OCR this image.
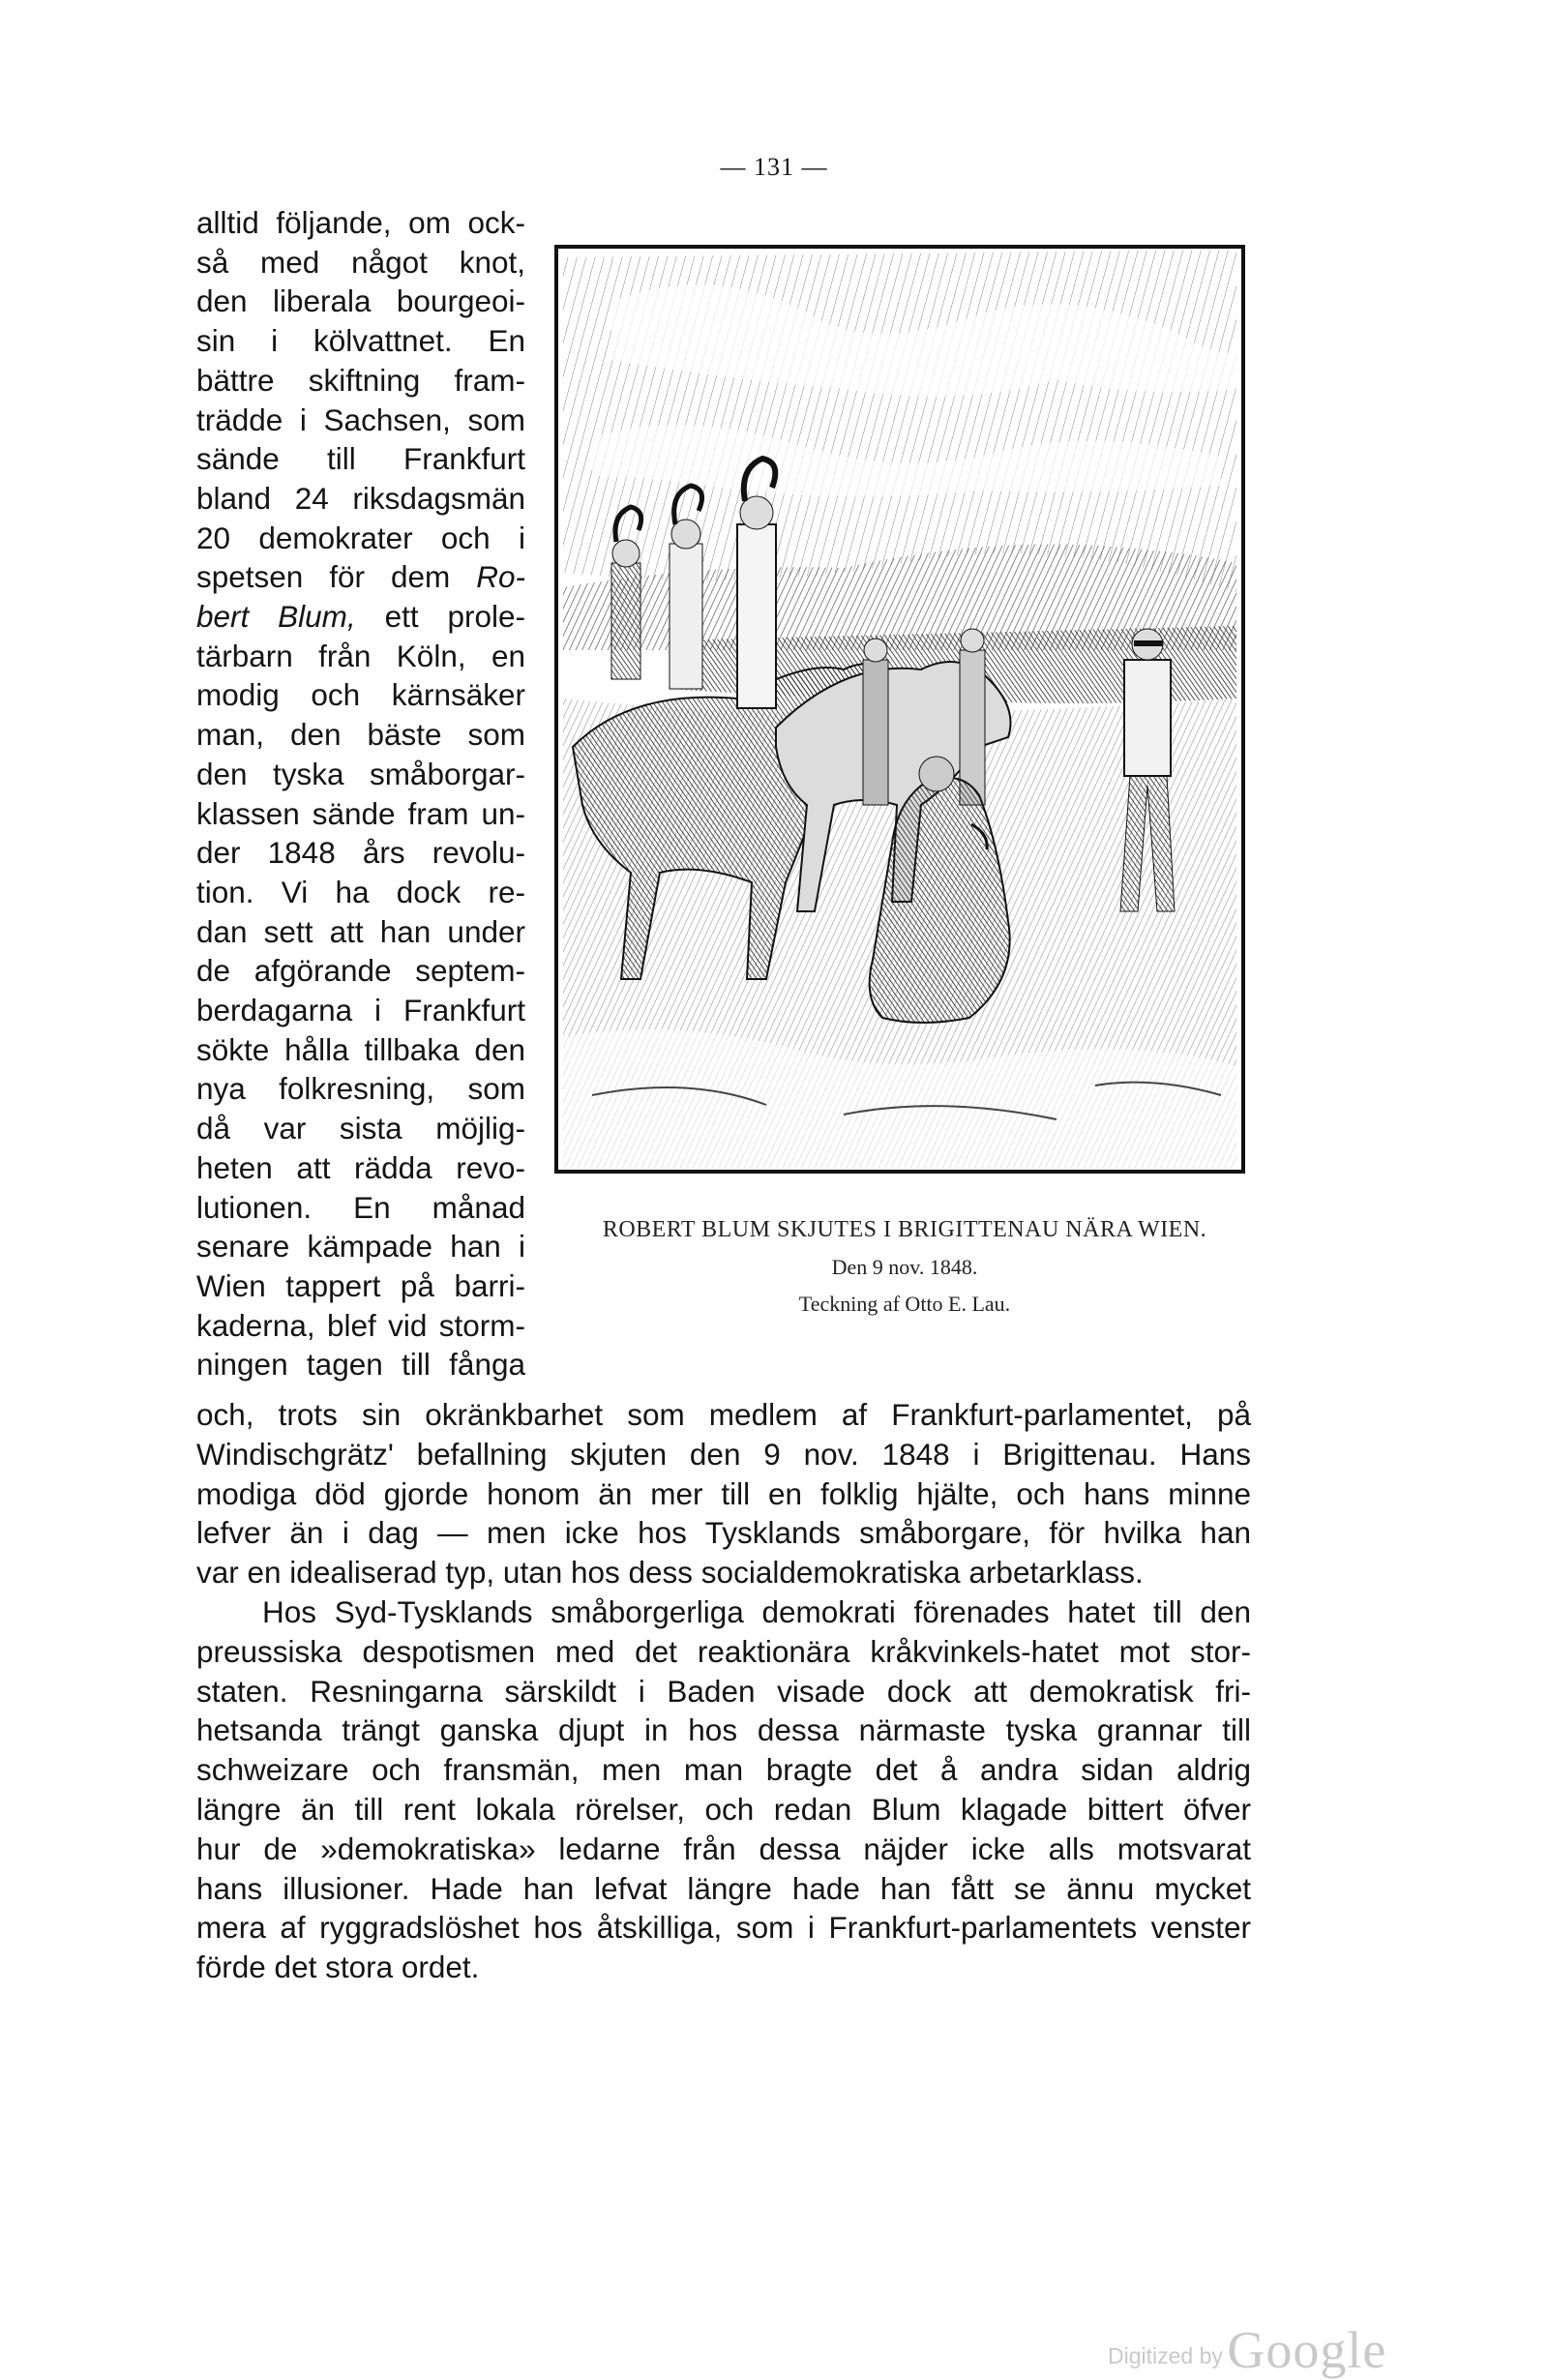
— 131 —
alltid följande, om ock-
så med något knot,
den liberala bourgeoi-
sin i kölvattnet. En
bättre skiftning fram-
trädde i Sachsen, som
sände till Frankfurt
bland 24 riksdagsmän
20 demokrater och i
spetsen för dem Ro-
bert Blum, ett prole-
tärbarn från Köln, en
modig och kärnsäker
man, den bäste som
den tyska småborgar-
klassen sände fram un-
der 1848 års revolu-
tion. Vi ha dock re-
dan sett att han under
de afgörande septem-
berdagarna i Frankfurt
sökte hålla tillbaka den
nya folkresning, som
då var sista möjlig-
heten att rädda revo-
lutionen. En månad
senare kämpade han i
Wien tappert på barri-
kaderna, blef vid storm-
ningen tagen till fånga
ROBERT BLUM SKJUTES I BRIGITTENAU NÄRA WIEN.
Den 9 nov. 1848.
Teckning af Otto E. Lau.
och, trots sin okränkbarhet som medlem af Frankfurt-parlamentet, på
Windischgrätz' befallning skjuten den 9 nov. 1848 i Brigittenau. Hans
modiga död gjorde honom än mer till en folklig hjälte, och hans minne
lefver än i dag — men icke hos Tysklands småborgare, för hvilka han
var en idealiserad typ, utan hos dess socialdemokratiska arbetarklass.
Hos Syd-Tysklands småborgerliga demokrati förenades hatet till den
preussiska despotismen med det reaktionära kråkvinkels-hatet mot stor-
staten. Resningarna särskildt i Baden visade dock att demokratisk fri-
hetsanda trängt ganska djupt in hos dessa närmaste tyska grannar till
schweizare och fransmän, men man bragte det å andra sidan aldrig
längre än till rent lokala rörelser, och redan Blum klagade bittert öfver
hur de »demokratiska» ledarne från dessa näjder icke alls motsvarat
hans illusioner. Hade han lefvat längre hade han fått se ännu mycket
mera af ryggradslöshet hos åtskilliga, som i Frankfurt-parlamentets venster
förde det stora ordet.
Digitized by Google
